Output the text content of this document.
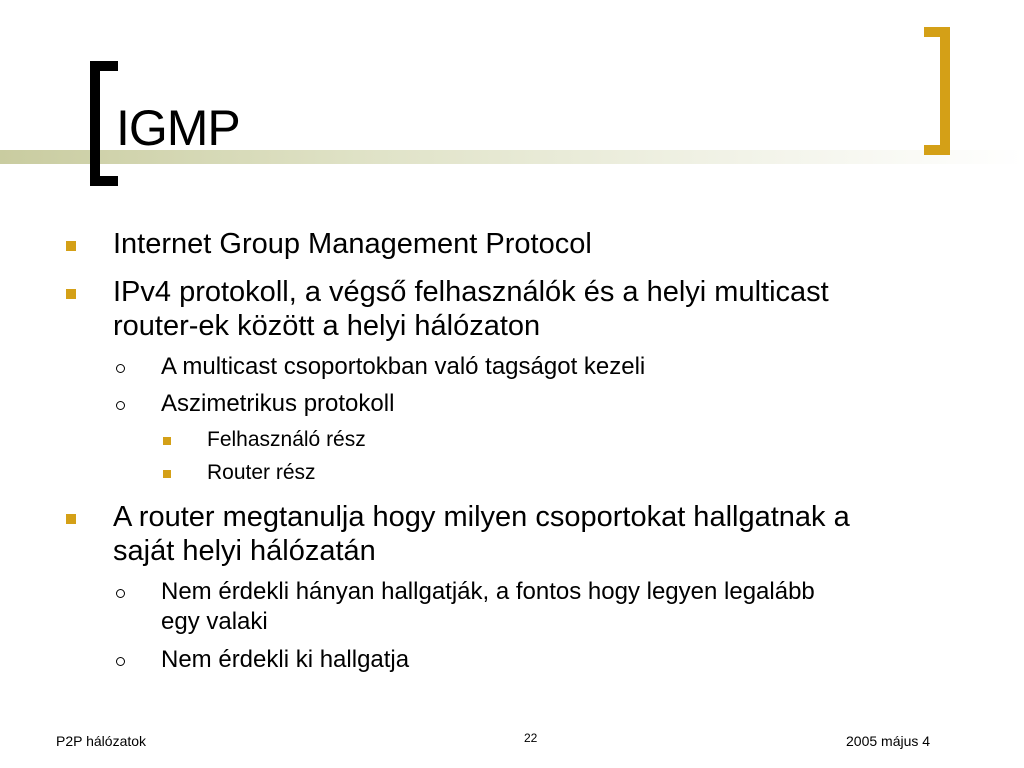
IGMP
Internet Group Management Protocol
IPv4 protokoll, a végső felhasználók és a helyi multicast
router-ek között a helyi hálózaton
A multicast csoportokban való tagságot kezeli
Aszimetrikus protokoll
Felhasználó rész
Router rész
A router megtanulja hogy milyen csoportokat hallgatnak a
saját helyi hálózatán
Nem érdekli hányan hallgatják, a fontos hogy legyen legalább
egy valaki
Nem érdekli ki hallgatja
P2P hálózatok	22	2005 május 4
